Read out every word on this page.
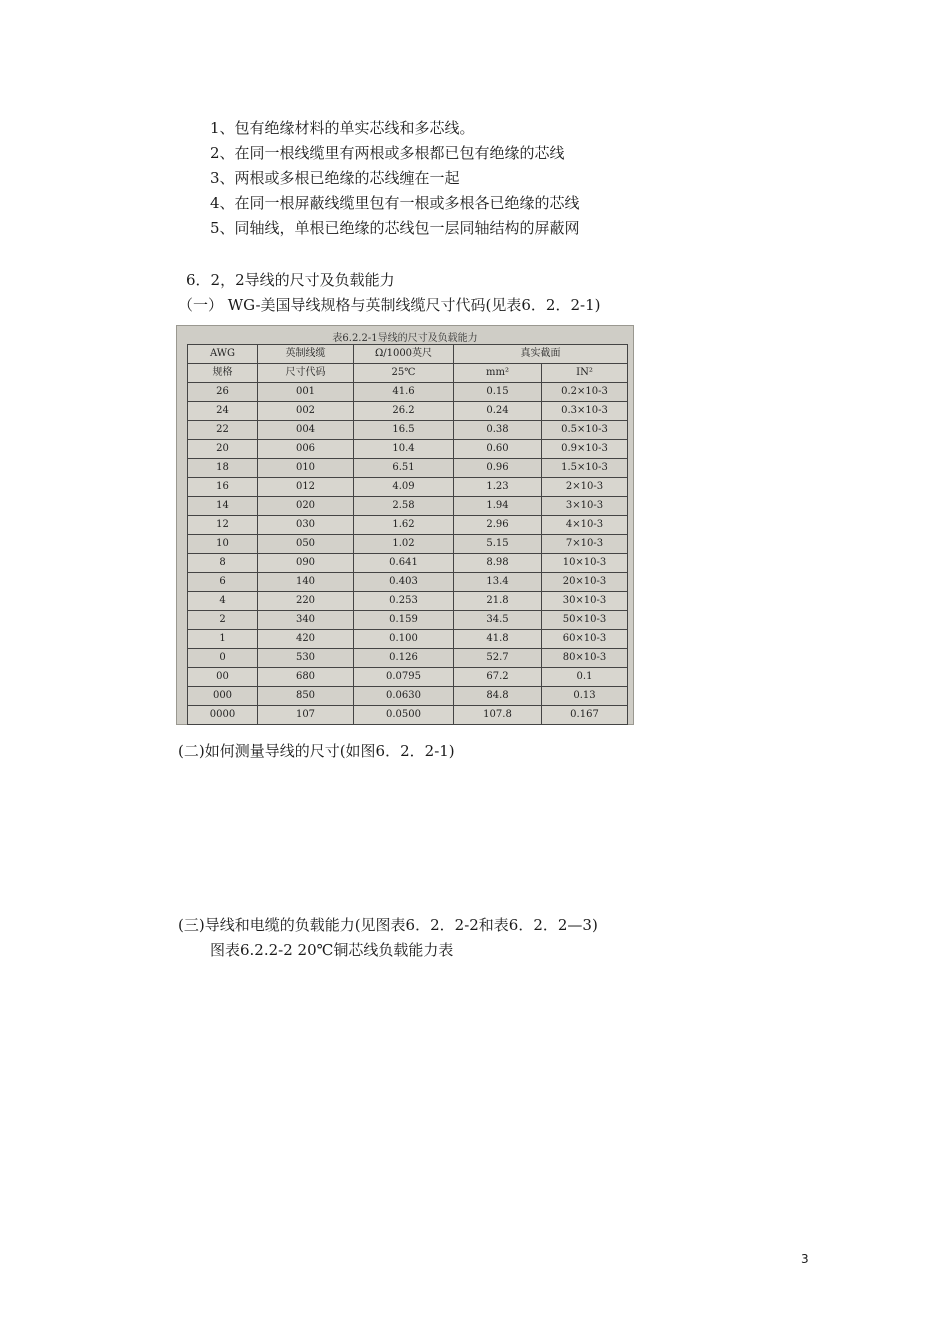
1、包有绝缘材料的单实芯线和多芯线。
2、在同一根线缆里有两根或多根都已包有绝缘的芯线
3、两根或多根已绝缘的芯线缠在一起
4、在同一根屏蔽线缆里包有一根或多根各已绝缘的芯线
5、同轴线，单根已绝缘的芯线包一层同轴结构的屏蔽网
6．2，2导线的尺寸及负载能力
（一） WG-美国导线规格与英制线缆尺寸代码(见表6．2．2-1)
表6.2.2-1导线的尺寸及负载能力
AWG	英制线缆	Ω/1000英尺	真实截面	
规格	尺寸代码	25℃	mm²	IN²
26	001	41.6	0.15	0.2×10-3
24	002	26.2	0.24	0.3×10-3
22	004	16.5	0.38	0.5×10-3
20	006	10.4	0.60	0.9×10-3
18	010	6.51	0.96	1.5×10-3
16	012	4.09	1.23	2×10-3
14	020	2.58	1.94	3×10-3
12	030	1.62	2.96	4×10-3
10	050	1.02	5.15	7×10-3
8	090	0.641	8.98	10×10-3
6	140	0.403	13.4	20×10-3
4	220	0.253	21.8	30×10-3
2	340	0.159	34.5	50×10-3
1	420	0.100	41.8	60×10-3
0	530	0.126	52.7	80×10-3
00	680	0.0795	67.2	0.1
000	850	0.0630	84.8	0.13
0000	107	0.0500	107.8	0.167
(二)如何测量导线的尺寸(如图6．2．2-1)
(三)导线和电缆的负载能力(见图表6．2．2-2和表6．2．2—3)
图表6.2.2-2 20℃铜芯线负载能力表
3
